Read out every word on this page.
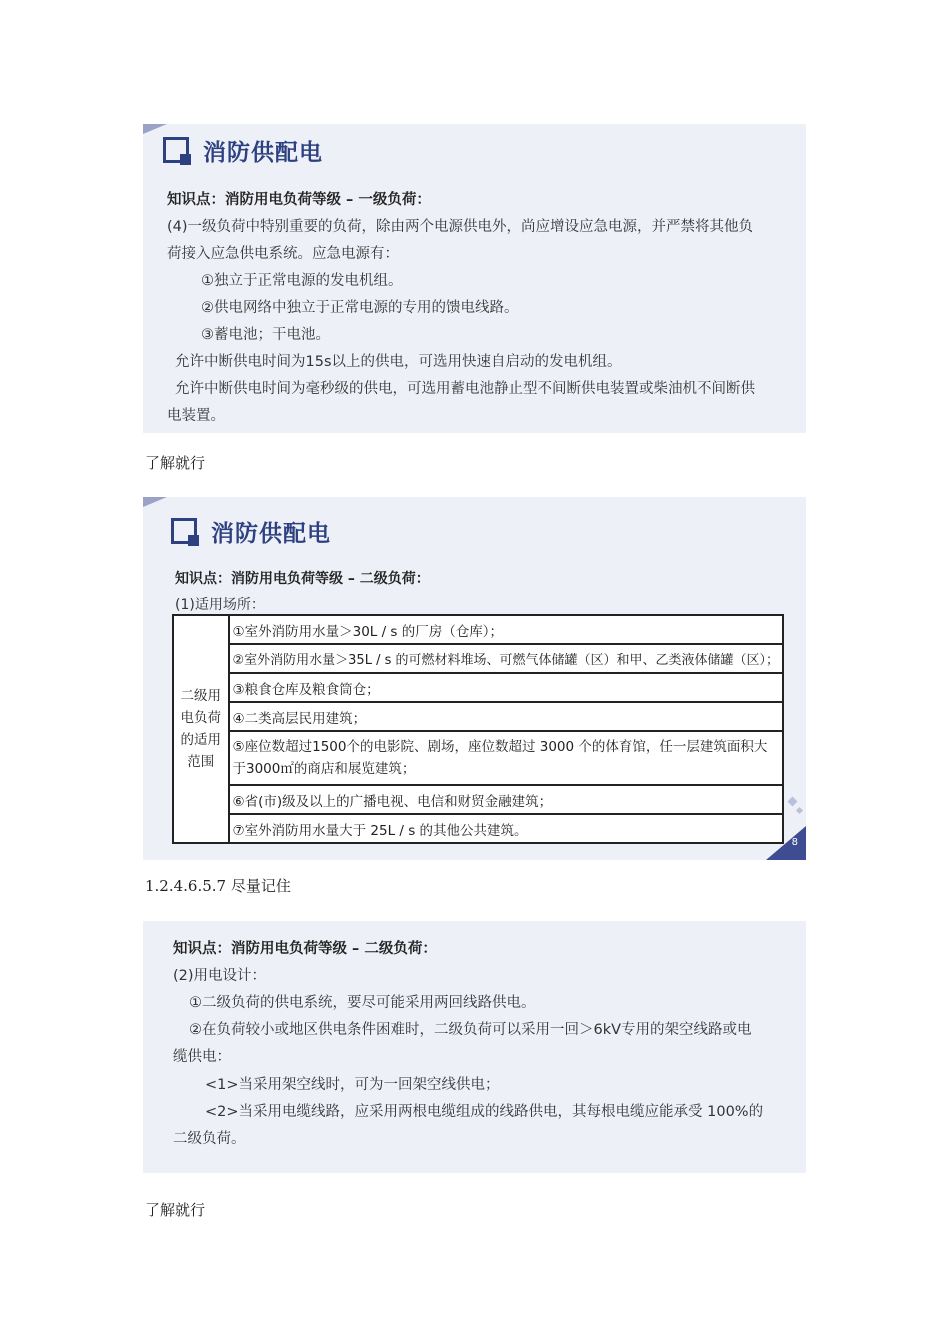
消防供配电
知识点：消防用电负荷等级 – 一级负荷：
(4)一级负荷中特别重要的负荷，除由两个电源供电外，尚应增设应急电源，并严禁将其他负
荷接入应急供电系统。应急电源有：
①独立于正常电源的发电机组。
②供电网络中独立于正常电源的专用的馈电线路。
③蓄电池；干电池。
允许中断供电时间为15s以上的供电，可选用快速自启动的发电机组。
允许中断供电时间为毫秒级的供电，可选用蓄电池静止型不间断供电装置或柴油机不间断供
电装置。
了解就行
消防供配电
知识点：消防用电负荷等级 – 二级负荷：
(1)适用场所：
二级用电负荷的适用范围	①室外消防用水量＞30L / s 的厂房（仓库）；
②室外消防用水量＞35L / s 的可燃材料堆场、可燃气体储罐（区）和甲、乙类液体储罐（区）；
③粮食仓库及粮食筒仓；
④二类高层民用建筑；
⑤座位数超过1500个的电影院、剧场，座位数超过 3000 个的体育馆，任一层建筑面积大于3000㎡的商店和展览建筑；
⑥省(市)级及以上的广播电视、电信和财贸金融建筑；
⑦室外消防用水量大于 25L / s 的其他公共建筑。
8
1.2.4.6.5.7 尽量记住
知识点：消防用电负荷等级 – 二级负荷：
(2)用电设计：
①二级负荷的供电系统，要尽可能采用两回线路供电。
②在负荷较小或地区供电条件困难时，二级负荷可以采用一回＞6kV专用的架空线路或电
缆供电：
<1>当采用架空线时，可为一回架空线供电；
<2>当采用电缆线路，应采用两根电缆组成的线路供电，其每根电缆应能承受 100%的
二级负荷。
了解就行
